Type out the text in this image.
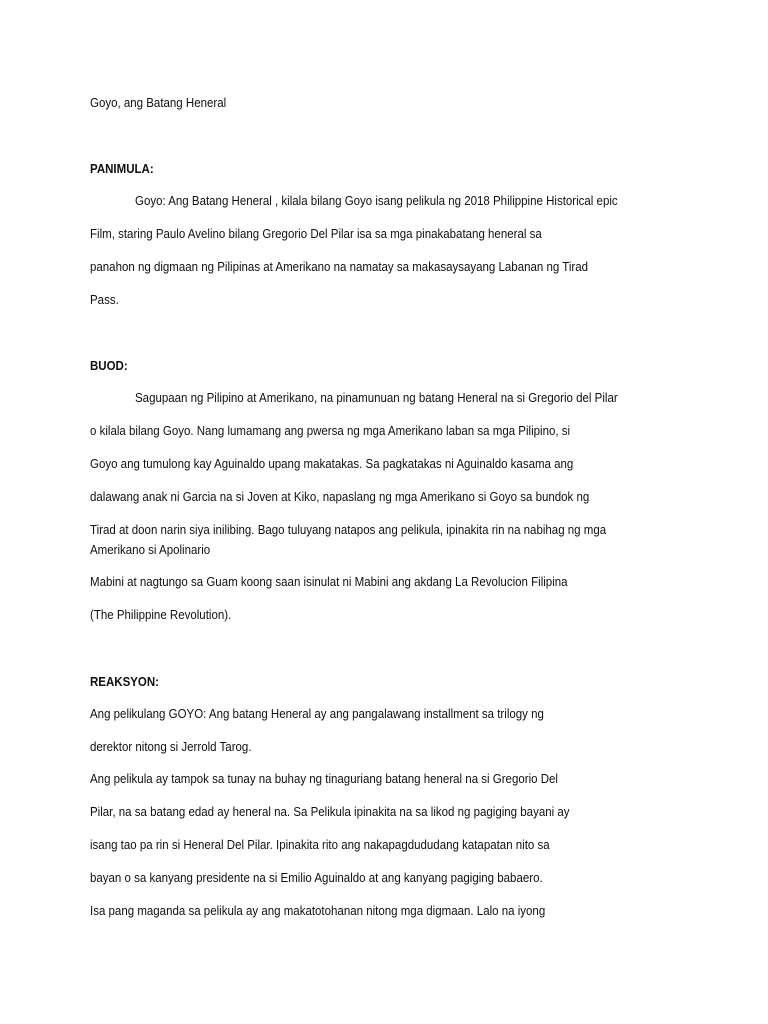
Goyo, ang Batang Heneral
PANIMULA:
Goyo: Ang Batang Heneral , kilala bilang Goyo isang pelikula ng 2018 Philippine Historical epic
Film, staring Paulo Avelino bilang Gregorio Del Pilar isa sa mga pinakabatang heneral sa
panahon ng digmaan ng Pilipinas at Amerikano na namatay sa makasaysayang Labanan ng Tirad
Pass.
BUOD:
Sagupaan ng Pilipino at Amerikano, na pinamunuan ng batang Heneral na si Gregorio del Pilar
o kilala bilang Goyo. Nang lumamang ang pwersa ng mga Amerikano laban sa mga Pilipino, si
Goyo ang tumulong kay Aguinaldo upang makatakas. Sa pagkatakas ni Aguinaldo kasama ang
dalawang anak ni Garcia na si Joven at Kiko, napaslang ng mga Amerikano si Goyo sa bundok ng
Tirad at doon narin siya inilibing. Bago tuluyang natapos ang pelikula, ipinakita rin na nabihag ng mga
Amerikano si Apolinario
Mabini at nagtungo sa Guam koong saan isinulat ni Mabini ang akdang La Revolucion Filipina
(The Philippine Revolution).
REAKSYON:
Ang pelikulang GOYO: Ang batang Heneral ay ang pangalawang installment sa trilogy ng
derektor nitong si Jerrold Tarog.
Ang pelikula ay tampok sa tunay na buhay ng tinaguriang batang heneral na si Gregorio Del
Pilar, na sa batang edad ay heneral na. Sa Pelikula ipinakita na sa likod ng pagiging bayani ay
isang tao pa rin si Heneral Del Pilar. Ipinakita rito ang nakapagdududang katapatan nito sa
bayan o sa kanyang presidente na si Emilio Aguinaldo at ang kanyang pagiging babaero.
Isa pang maganda sa pelikula ay ang makatotohanan nitong mga digmaan. Lalo na iyong
